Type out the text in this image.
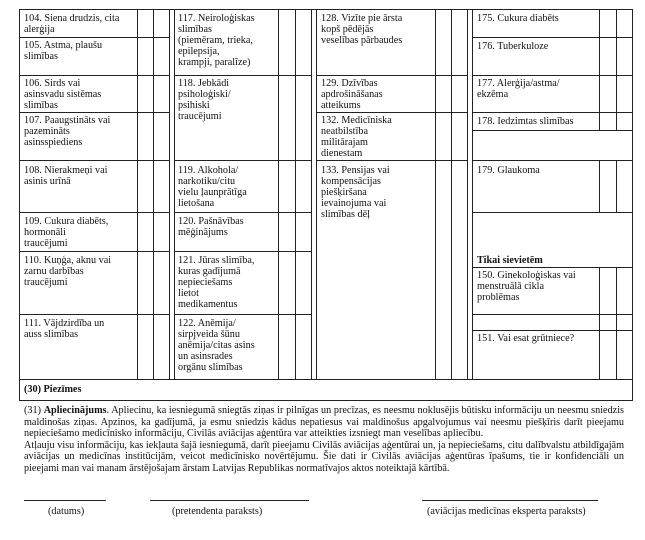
104. Siena drudzis, cita
alerģija
105. Astma, plaušu
slimības
106. Sirds vai
asinsvadu sistēmas
slimības
107. Paaugstināts vai
pazemināts
asinsspiediens
108. Nierakmeņi vai
asinis urīnā
109. Cukura diabēts,
hormonāli
traucējumi
110. Kuņģa, aknu vai
zarnu darbības
traucējumi
111. Vājdzirdība un
auss slimības
117. Neiroloģiskas
slimības
(piemēram, trieka,
epilepsija,
krampji, paralīze)
118. Jebkādi
psiholoģiski/
psihiski
traucējumi
119. Alkohola/
narkotiku/citu
vielu ļaunprātīga
lietošana
120. Pašnāvības
mēģinājums
121. Jūras slimība,
kuras gadījumā
nepieciešams
lietot
medikamentus
122. Anēmija/
sirpjveida šūnu
anēmija/citas asins
un asinsrades
orgānu slimības
128. Vizīte pie ārsta
kopš pēdējās
veselības pārbaudes
129. Dzīvības
apdrošināšanas
atteikums
132. Medicīniska
neatbilstība
militārajam
dienestam
133. Pensijas vai
kompensācijas
piešķiršana
ievainojuma vai
slimības dēļ
175. Cukura diabēts
176. Tuberkuloze
177. Alerģija/astma/
ekzēma
178. Iedzimtas slimības
179. Glaukoma
Tikai sievietēm
150. Ginekoloģiskas vai
menstruālā cikla
problēmas
151. Vai esat grūtniece?
(30) Piezīmes
(31) Apliecinājums. Apliecinu, ka iesniegumā sniegtās ziņas ir pilnīgas un precīzas, es neesmu noklusējis būtisku informāciju un neesmu sniedzis maldinošas ziņas. Apzinos, ka gadījumā, ja esmu sniedzis kādus nepatiesus vai maldinošus apgalvojumus vai neesmu piešķīris darīt pieejamu nepieciešamo medicīnisko informāciju, Civilās aviācijas aģentūra var atteikties izsniegt man veselības apliecību.
Atļauju visu informāciju, kas iekļauta šajā iesniegumā, darīt pieejamu Civilās aviācijas aģentūrai un, ja nepieciešams, citu dalībvalstu atbildīgajām aviācijas un medicīnas institūcijām, veicot medicīnisko novērtējumu. Šie dati ir Civilās aviācijas aģentūras īpašums, tie ir konfidenciāli un pieejami man vai manam ārstējošajam ārstam Latvijas Republikas normatīvajos aktos noteiktajā kārtībā.
(datums)	(pretendenta paraksts)	(aviācijas medicīnas eksperta paraksts)
